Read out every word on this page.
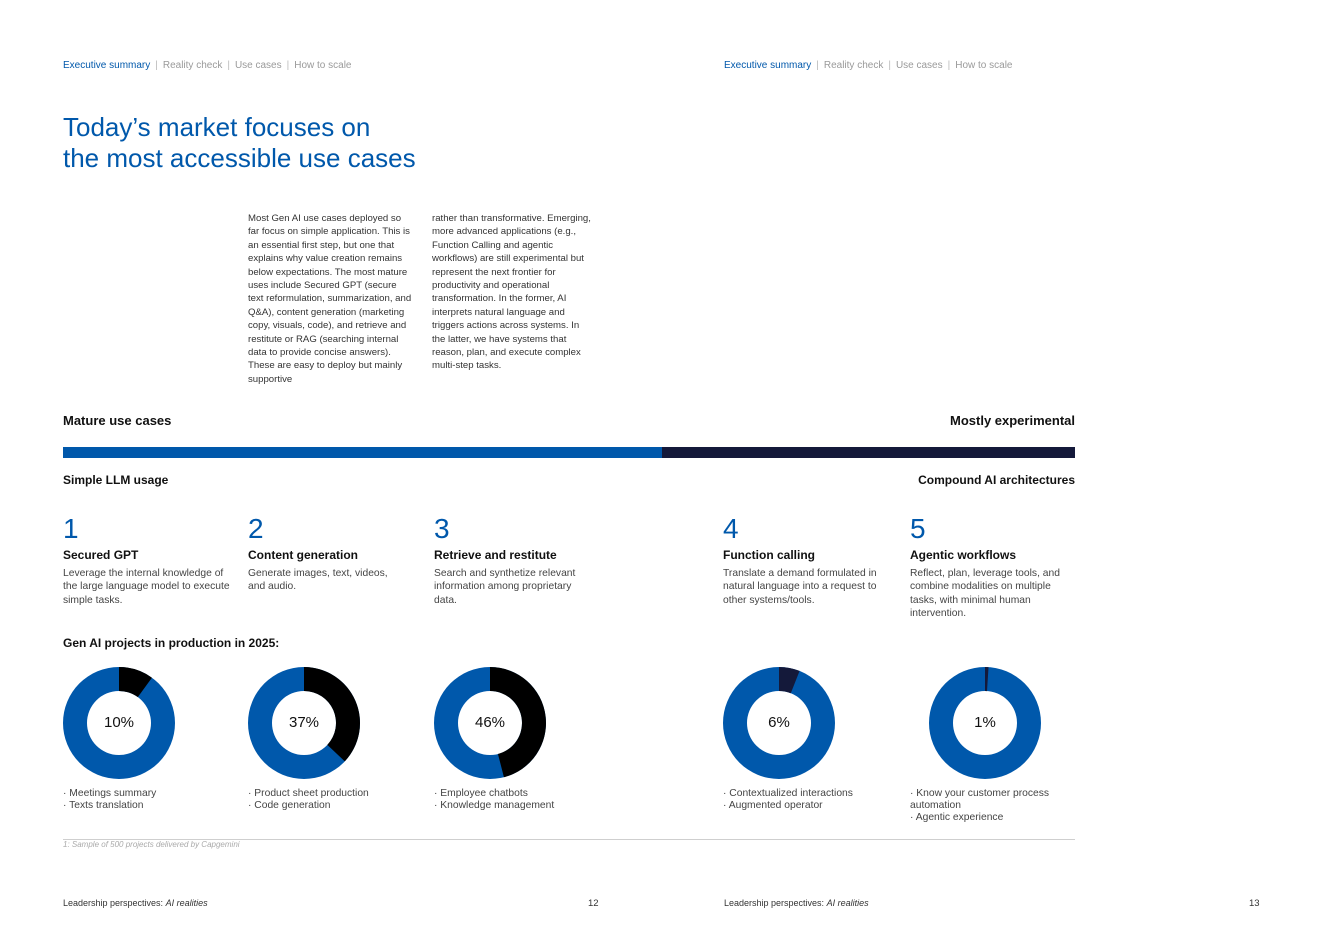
Executive summary | Reality check | Use cases | How to scale	Executive summary | Reality check | Use cases | How to scale
Today’s market focuses on
the most accessible use cases
Most Gen AI use cases deployed so far focus on simple application. This is an essential first step, but one that explains why value creation remains below expectations. The most mature uses include Secured GPT (secure text reformulation, summarization, and Q&A), content generation (marketing copy, visuals, code), and retrieve and restitute or RAG (searching internal data to provide concise answers). These are easy to deploy but mainly supportive
rather than transformative. Emerging, more advanced applications (e.g., Function Calling and agentic workflows) are still experimental but represent the next frontier for productivity and operational transformation. In the former, AI interprets natural language and triggers actions across systems. In the latter, we have systems that reason, plan, and execute complex multi-step tasks.
Mature use cases	Mostly experimental
Simple LLM usage	Compound AI architectures
1
Secured GPT
Leverage the internal knowledge of the large language model to execute simple tasks.
2
Content generation
Generate images, text, videos, and audio.
3
Retrieve and restitute
Search and synthetize relevant information among proprietary data.
4
Function calling
Translate a demand formulated in natural language into a request to other systems/tools.
5
Agentic workflows
Reflect, plan, leverage tools, and combine modalities on multiple tasks, with minimal human intervention.
Gen AI projects in production in 2025:
10%	37%	46%	6%	1%
· Meetings summary
· Texts translation
· Product sheet production
· Code generation
· Employee chatbots
· Knowledge management
· Contextualized interactions
· Augmented operator
· Know your customer process automation
· Agentic experience
1: Sample of 500 projects delivered by Capgemini
Leadership perspectives: AI realities	12	Leadership perspectives: AI realities	13
